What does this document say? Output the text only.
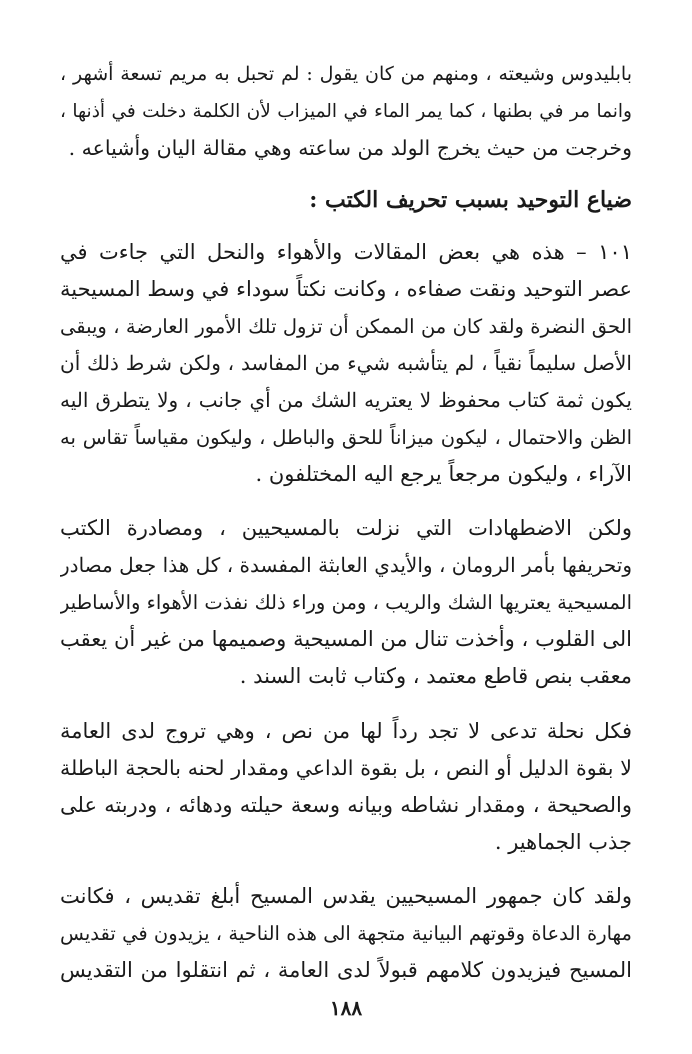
بابليدوس وشيعته ، ومنهم من كان يقول : لم تحبل به مريم تسعة أشهر ،
وانما مر في بطنها ، كما يمر الماء في الميزاب لأن الكلمة دخلت في أذنها ،
وخرجت من حيث يخرج الولد من ساعته وهي مقالة اليان وأشياعه .
ضياع التوحيد بسبب تحريف الكتب :
١٠١ – هذه هي بعض المقالات والأهواء والنحل التي جاءت في
عصر التوحيد ونقت صفاءه ، وكانت نكتاً سوداء في وسط المسيحية
الحق النضرة ولقد كان من الممكن أن تزول تلك الأمور العارضة ، ويبقى
الأصل سليماً نقياً ، لم يتأشبه شيء من المفاسد ، ولكن شرط ذلك أن
يكون ثمة كتاب محفوظ لا يعتريه الشك من أي جانب ، ولا يتطرق اليه
الظن والاحتمال ، ليكون ميزاناً للحق والباطل ، وليكون مقياساً تقاس به
الآراء ، وليكون مرجعاً يرجع اليه المختلفون .
ولكن الاضطهادات التي نزلت بالمسيحيين ، ومصادرة الكتب
وتحريفها بأمر الرومان ، والأيدي العابثة المفسدة ، كل هذا جعل مصادر
المسيحية يعتريها الشك والريب ، ومن وراء ذلك نفذت الأهواء والأساطير
الى القلوب ، وأخذت تنال من المسيحية وصميمها من غير أن يعقب
معقب بنص قاطع معتمد ، وكتاب ثابت السند .
فكل نحلة تدعى لا تجد رداً لها من نص ، وهي تروج لدى العامة
لا بقوة الدليل أو النص ، بل بقوة الداعي ومقدار لحنه بالحجة الباطلة
والصحيحة ، ومقدار نشاطه وبيانه وسعة حيلته ودهائه ، ودربته على
جذب الجماهير .
ولقد كان جمهور المسيحيين يقدس المسيح أبلغ تقديس ، فكانت
مهارة الدعاة وقوتهم البيانية متجهة الى هذه الناحية ، يزيدون في تقديس
المسيح فيزيدون كلامهم قبولاً لدى العامة ، ثم انتقلوا من التقديس
١٨٨
